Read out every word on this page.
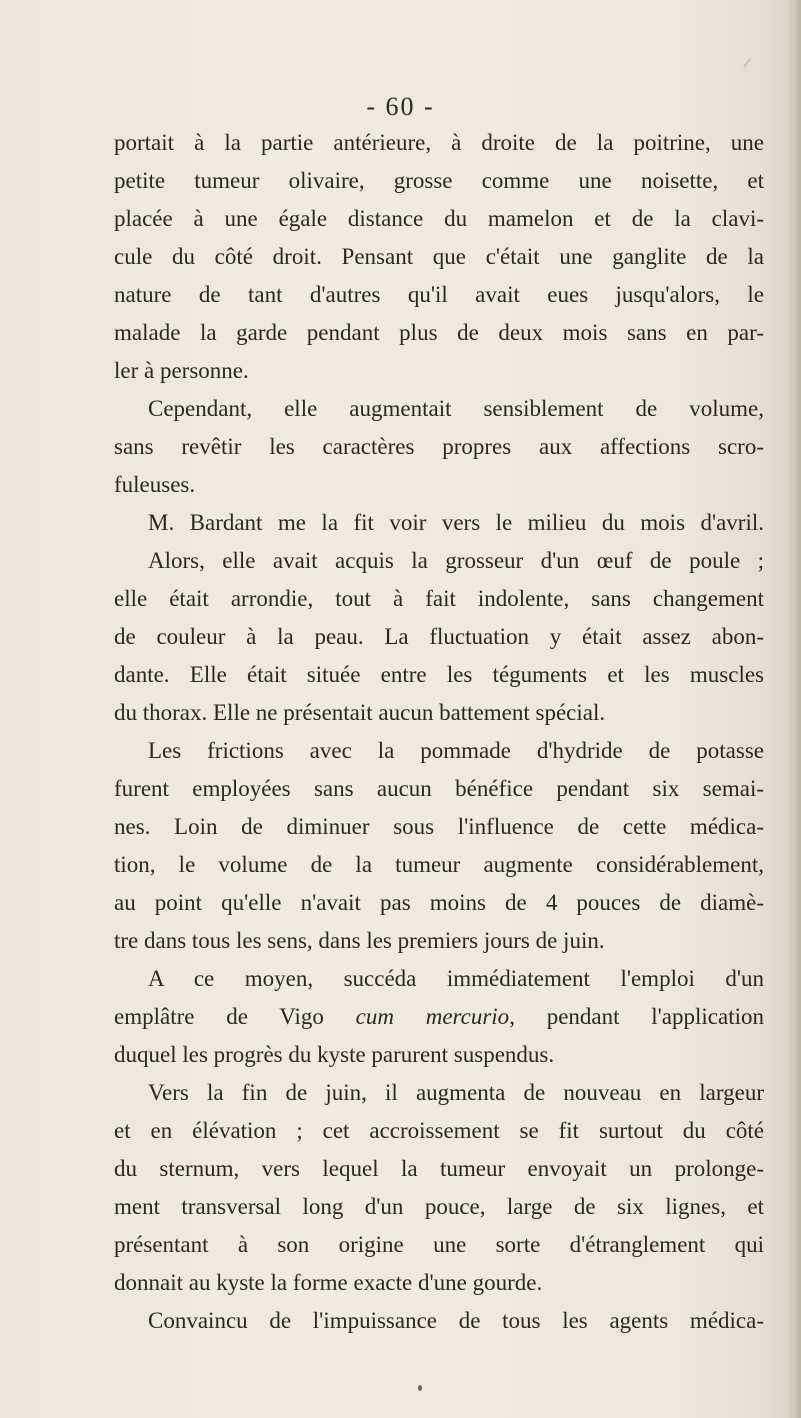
- 60 -
portait à la partie antérieure, à droite de la poitrine, une
petite tumeur olivaire, grosse comme une noisette, et
placée à une égale distance du mamelon et de la clavi-
cule du côté droit. Pensant que c'était une ganglite de la
nature de tant d'autres qu'il avait eues jusqu'alors, le
malade la garde pendant plus de deux mois sans en par-
ler à personne.
Cependant, elle augmentait sensiblement de volume,
sans revêtir les caractères propres aux affections scro-
fuleuses.
M. Bardant me la fit voir vers le milieu du mois d'avril.
Alors, elle avait acquis la grosseur d'un œuf de poule ;
elle était arrondie, tout à fait indolente, sans changement
de couleur à la peau. La fluctuation y était assez abon-
dante. Elle était située entre les téguments et les muscles
du thorax. Elle ne présentait aucun battement spécial.
Les frictions avec la pommade d'hydride de potasse
furent employées sans aucun bénéfice pendant six semai-
nes. Loin de diminuer sous l'influence de cette médica-
tion, le volume de la tumeur augmente considérablement,
au point qu'elle n'avait pas moins de 4 pouces de diamè-
tre dans tous les sens, dans les premiers jours de juin.
A ce moyen, succéda immédiatement l'emploi d'un
emplâtre de Vigo cum mercurio, pendant l'application
duquel les progrès du kyste parurent suspendus.
Vers la fin de juin, il augmenta de nouveau en largeur
et en élévation ; cet accroissement se fit surtout du côté
du sternum, vers lequel la tumeur envoyait un prolonge-
ment transversal long d'un pouce, large de six lignes, et
présentant à son origine une sorte d'étranglement qui
donnait au kyste la forme exacte d'une gourde.
Convaincu de l'impuissance de tous les agents médica-
